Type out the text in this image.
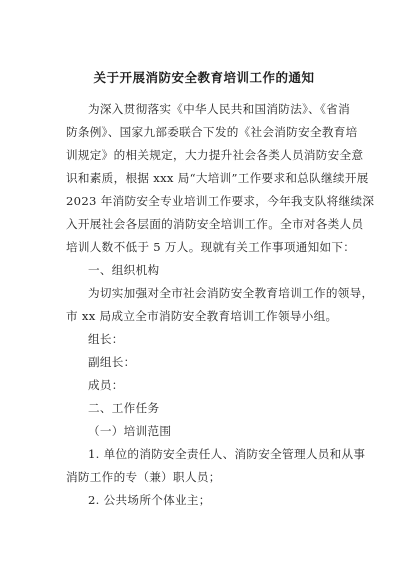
关于开展消防安全教育培训工作的通知
为深入贯彻落实《中华人民共和国消防法》、《省消
防条例》、国家九部委联合下发的《社会消防安全教育培
训规定》的相关规定，大力提升社会各类人员消防安全意
识和素质，根据 xxx 局“大培训”工作要求和总队继续开展
2023 年消防安全专业培训工作要求，今年我支队将继续深
入开展社会各层面的消防安全培训工作。全市对各类人员
培训人数不低于 5 万人。现就有关工作事项通知如下：
一、组织机构
为切实加强对全市社会消防安全教育培训工作的领导，
市 xx 局成立全市消防安全教育培训工作领导小组。
组长：
副组长：
成员：
二、工作任务
（一）培训范围
1. 单位的消防安全责任人、消防安全管理人员和从事
消防工作的专（兼）职人员；
2. 公共场所个体业主；
